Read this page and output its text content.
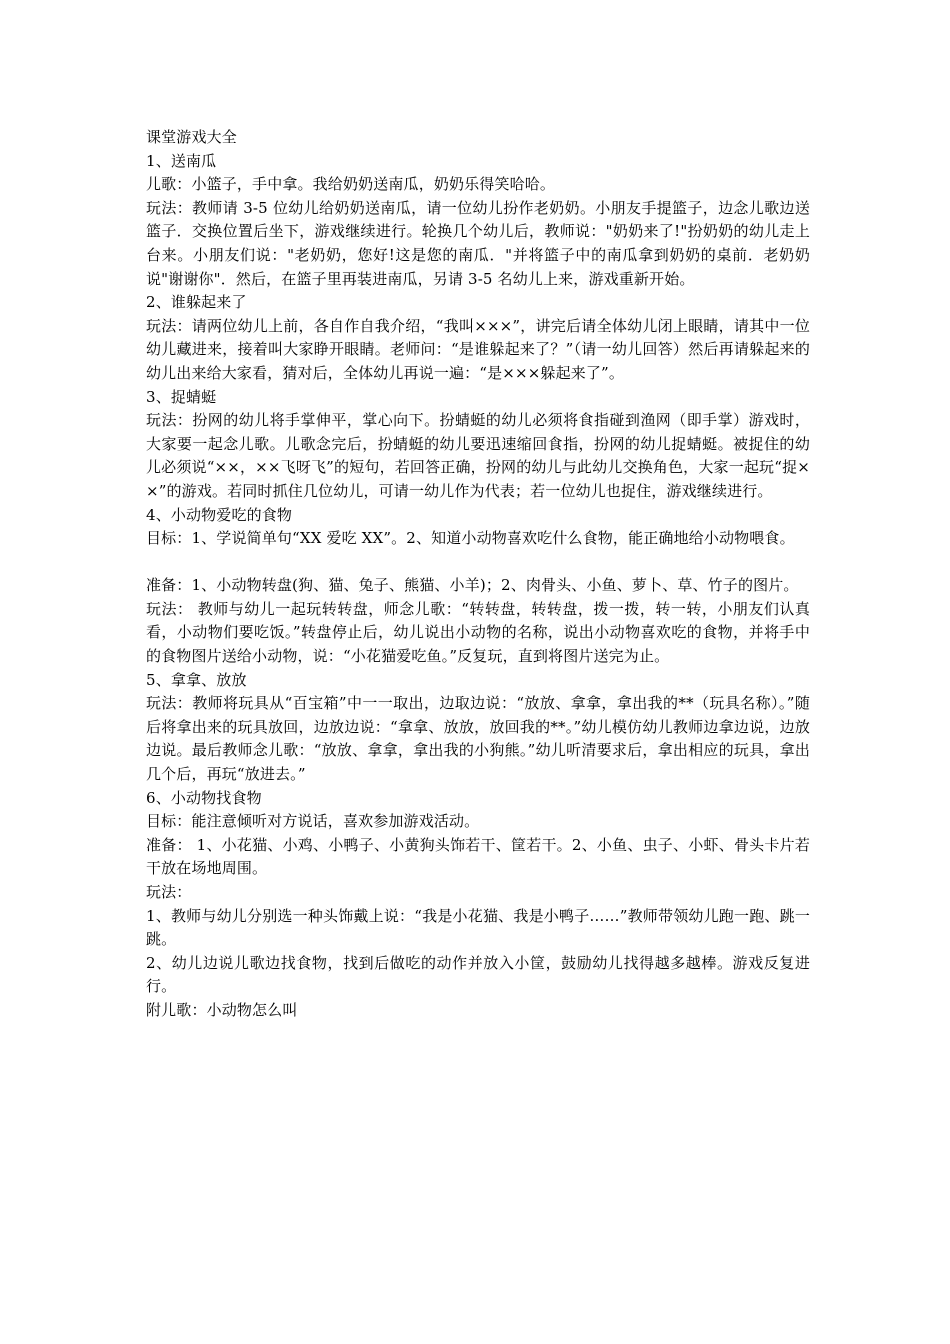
课堂游戏大全

1、送南瓜

儿歌：小篮子，手中拿。我给奶奶送南瓜，奶奶乐得笑哈哈。

玩法：教师请 3-5 位幼儿给奶奶送南瓜，请一位幼儿扮作老奶奶。小朋友手提篮子，边念儿歌边送篮子．交换位置后坐下，游戏继续进行。轮换几个幼儿后，教师说："奶奶来了!"扮奶奶的幼儿走上台来。小朋友们说："老奶奶，您好!这是您的南瓜．"并将篮子中的南瓜拿到奶奶的桌前．老奶奶说"谢谢你"．然后，在篮子里再装进南瓜，另请 3-5 名幼儿上来，游戏重新开始。

2、谁躲起来了

玩法：请两位幼儿上前，各自作自我介绍，“我叫×××”，讲完后请全体幼儿闭上眼睛，请其中一位幼儿藏进来，接着叫大家睁开眼睛。老师问：“是谁躲起来了？”（请一幼儿回答）然后再请躲起来的幼儿出来给大家看，猜对后，全体幼儿再说一遍：“是×××躲起来了”。

3、捉蜻蜓

玩法：扮网的幼儿将手掌伸平，掌心向下。扮蜻蜓的幼儿必须将食指碰到渔网（即手掌）游戏时，大家要一起念儿歌。儿歌念完后，扮蜻蜓的幼儿要迅速缩回食指，扮网的幼儿捉蜻蜓。被捉住的幼儿必须说“××，××飞呀飞”的短句，若回答正确，扮网的幼儿与此幼儿交换角色，大家一起玩“捉××”的游戏。若同时抓住几位幼儿，可请一幼儿作为代表；若一位幼儿也捉住，游戏继续进行。

4、小动物爱吃的食物

目标：1、学说简单句“XX 爱吃 XX”。2、知道小动物喜欢吃什么食物，能正确地给小动物喂食。

准备：1、小动物转盘(狗、猫、兔子、熊猫、小羊)；2、肉骨头、小鱼、萝卜、草、竹子的图片。

玩法： 教师与幼儿一起玩转转盘，师念儿歌：“转转盘，转转盘，拨一拨，转一转，小朋友们认真看，小动物们要吃饭。”转盘停止后，幼儿说出小动物的名称，说出小动物喜欢吃的食物，并将手中的食物图片送给小动物，说：“小花猫爱吃鱼。”反复玩，直到将图片送完为止。

5、拿拿、放放

玩法：教师将玩具从“百宝箱”中一一取出，边取边说：“放放、拿拿，拿出我的**（玩具名称）。”随后将拿出来的玩具放回，边放边说：“拿拿、放放，放回我的**。”幼儿模仿幼儿教师边拿边说，边放边说。最后教师念儿歌：“放放、拿拿，拿出我的小狗熊。”幼儿听清要求后，拿出相应的玩具，拿出几个后，再玩“放进去。”

6、小动物找食物

目标：能注意倾听对方说话，喜欢参加游戏活动。

准备： 1、小花猫、小鸡、小鸭子、小黄狗头饰若干、筐若干。2、小鱼、虫子、小虾、骨头卡片若干放在场地周围。

玩法：

1、教师与幼儿分别选一种头饰戴上说：“我是小花猫、我是小鸭子……”教师带领幼儿跑一跑、跳一跳。

2、幼儿边说儿歌边找食物，找到后做吃的动作并放入小筐，鼓励幼儿找得越多越棒。游戏反复进行。

附儿歌：小动物怎么叫
